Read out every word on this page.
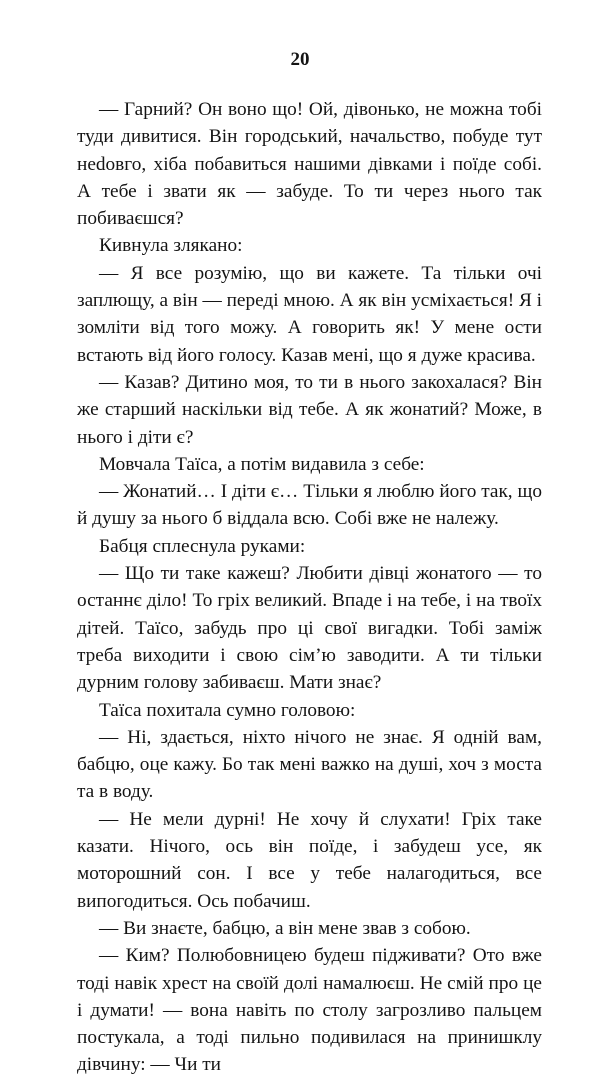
20

— Гарний? Он воно що! Ой, дівонько, не можна тобі туди дивитися. Він городський, начальство, побуде тут неdовго, хіба побавиться нашими дівками і поїде собі. А тебе і звати як — забуде. То ти через нього так побиваєшся?

Кивнула злякано:

— Я все розумію, що ви кажете. Та тільки очі заплющу, а він — переді мною. А як він усміхається! Я і зомліти від того можу. А говорить як! У мене ости встають від його голосу. Казав мені, що я дуже красива.

— Казав? Дитино моя, то ти в нього закохалася? Він же старший наскільки від тебе. А як жонатий? Може, в нього і діти є?

Мовчала Таїса, а потім видавила з себе:

— Жонатий… І діти є… Тільки я люблю його так, що й душу за нього б віддала всю. Собі вже не належу.

Бабця сплеснула руками:

— Що ти таке кажеш? Любити дівці жонатого — то останнє діло! То гріх великий. Впаде і на тебе, і на твоїх дітей. Таїсо, забудь про ці свої вигадки. Тобі заміж треба виходити і свою сім’ю заводити. А ти тільки дурним голову забиваєш. Мати знає?

Таїса похитала сумно головою:

— Ні, здається, ніхто нічого не знає. Я одній вам, бабцю, оце кажу. Бо так мені важко на душі, хоч з моста та в воду.

— Не мели дурні! Не хочу й слухати! Гріх таке казати. Нічого, ось він поїде, і забудеш усе, як моторошний сон. І все у тебе налагодиться, все випогодиться. Ось побачиш.

— Ви знаєте, бабцю, а він мене звав з собою.

— Ким? Полюбовницею будеш підживати? Ото вже тоді навік хрест на своїй долі намалюєш. Не смій про це і думати! — вона навіть по столу загрозливо пальцем постукала, а тоді пильно подивилася на принишклу дівчину: — Чи ти
